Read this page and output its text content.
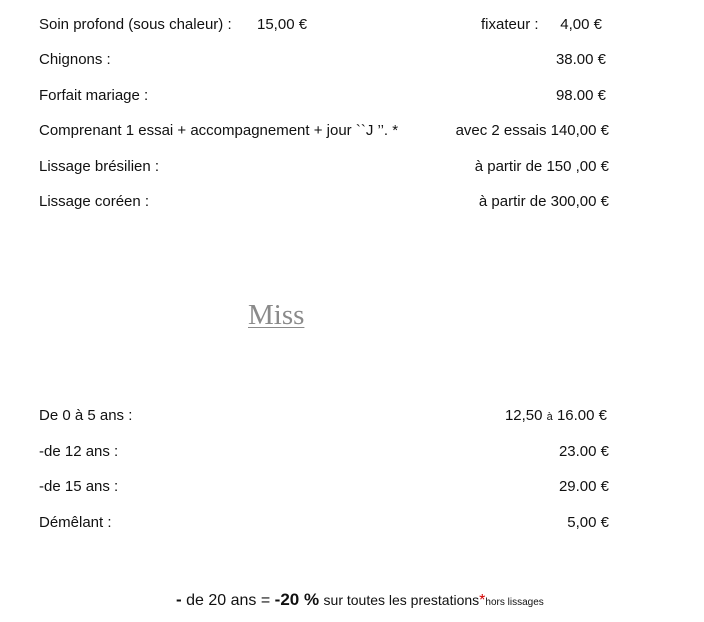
Soin profond (sous chaleur) : 15,00 €	fixateur : 4,00 €
Chignons :	38.00 €
Forfait mariage :	98.00 €
Comprenant 1 essai + accompagnement + jour ``J ’’. *	avec 2 essais 140,00 €
Lissage brésilien :	à partir de 150 ,00 €
Lissage coréen :	à partir de 300,00 €
Miss
De 0 à 5 ans :	12,50 à 16.00 €
-de 12 ans :	23.00 €
-de 15 ans :	29.00 €
Démêlant :	5,00 €
- de 20 ans = -20 % sur toutes les prestations*hors lissages
